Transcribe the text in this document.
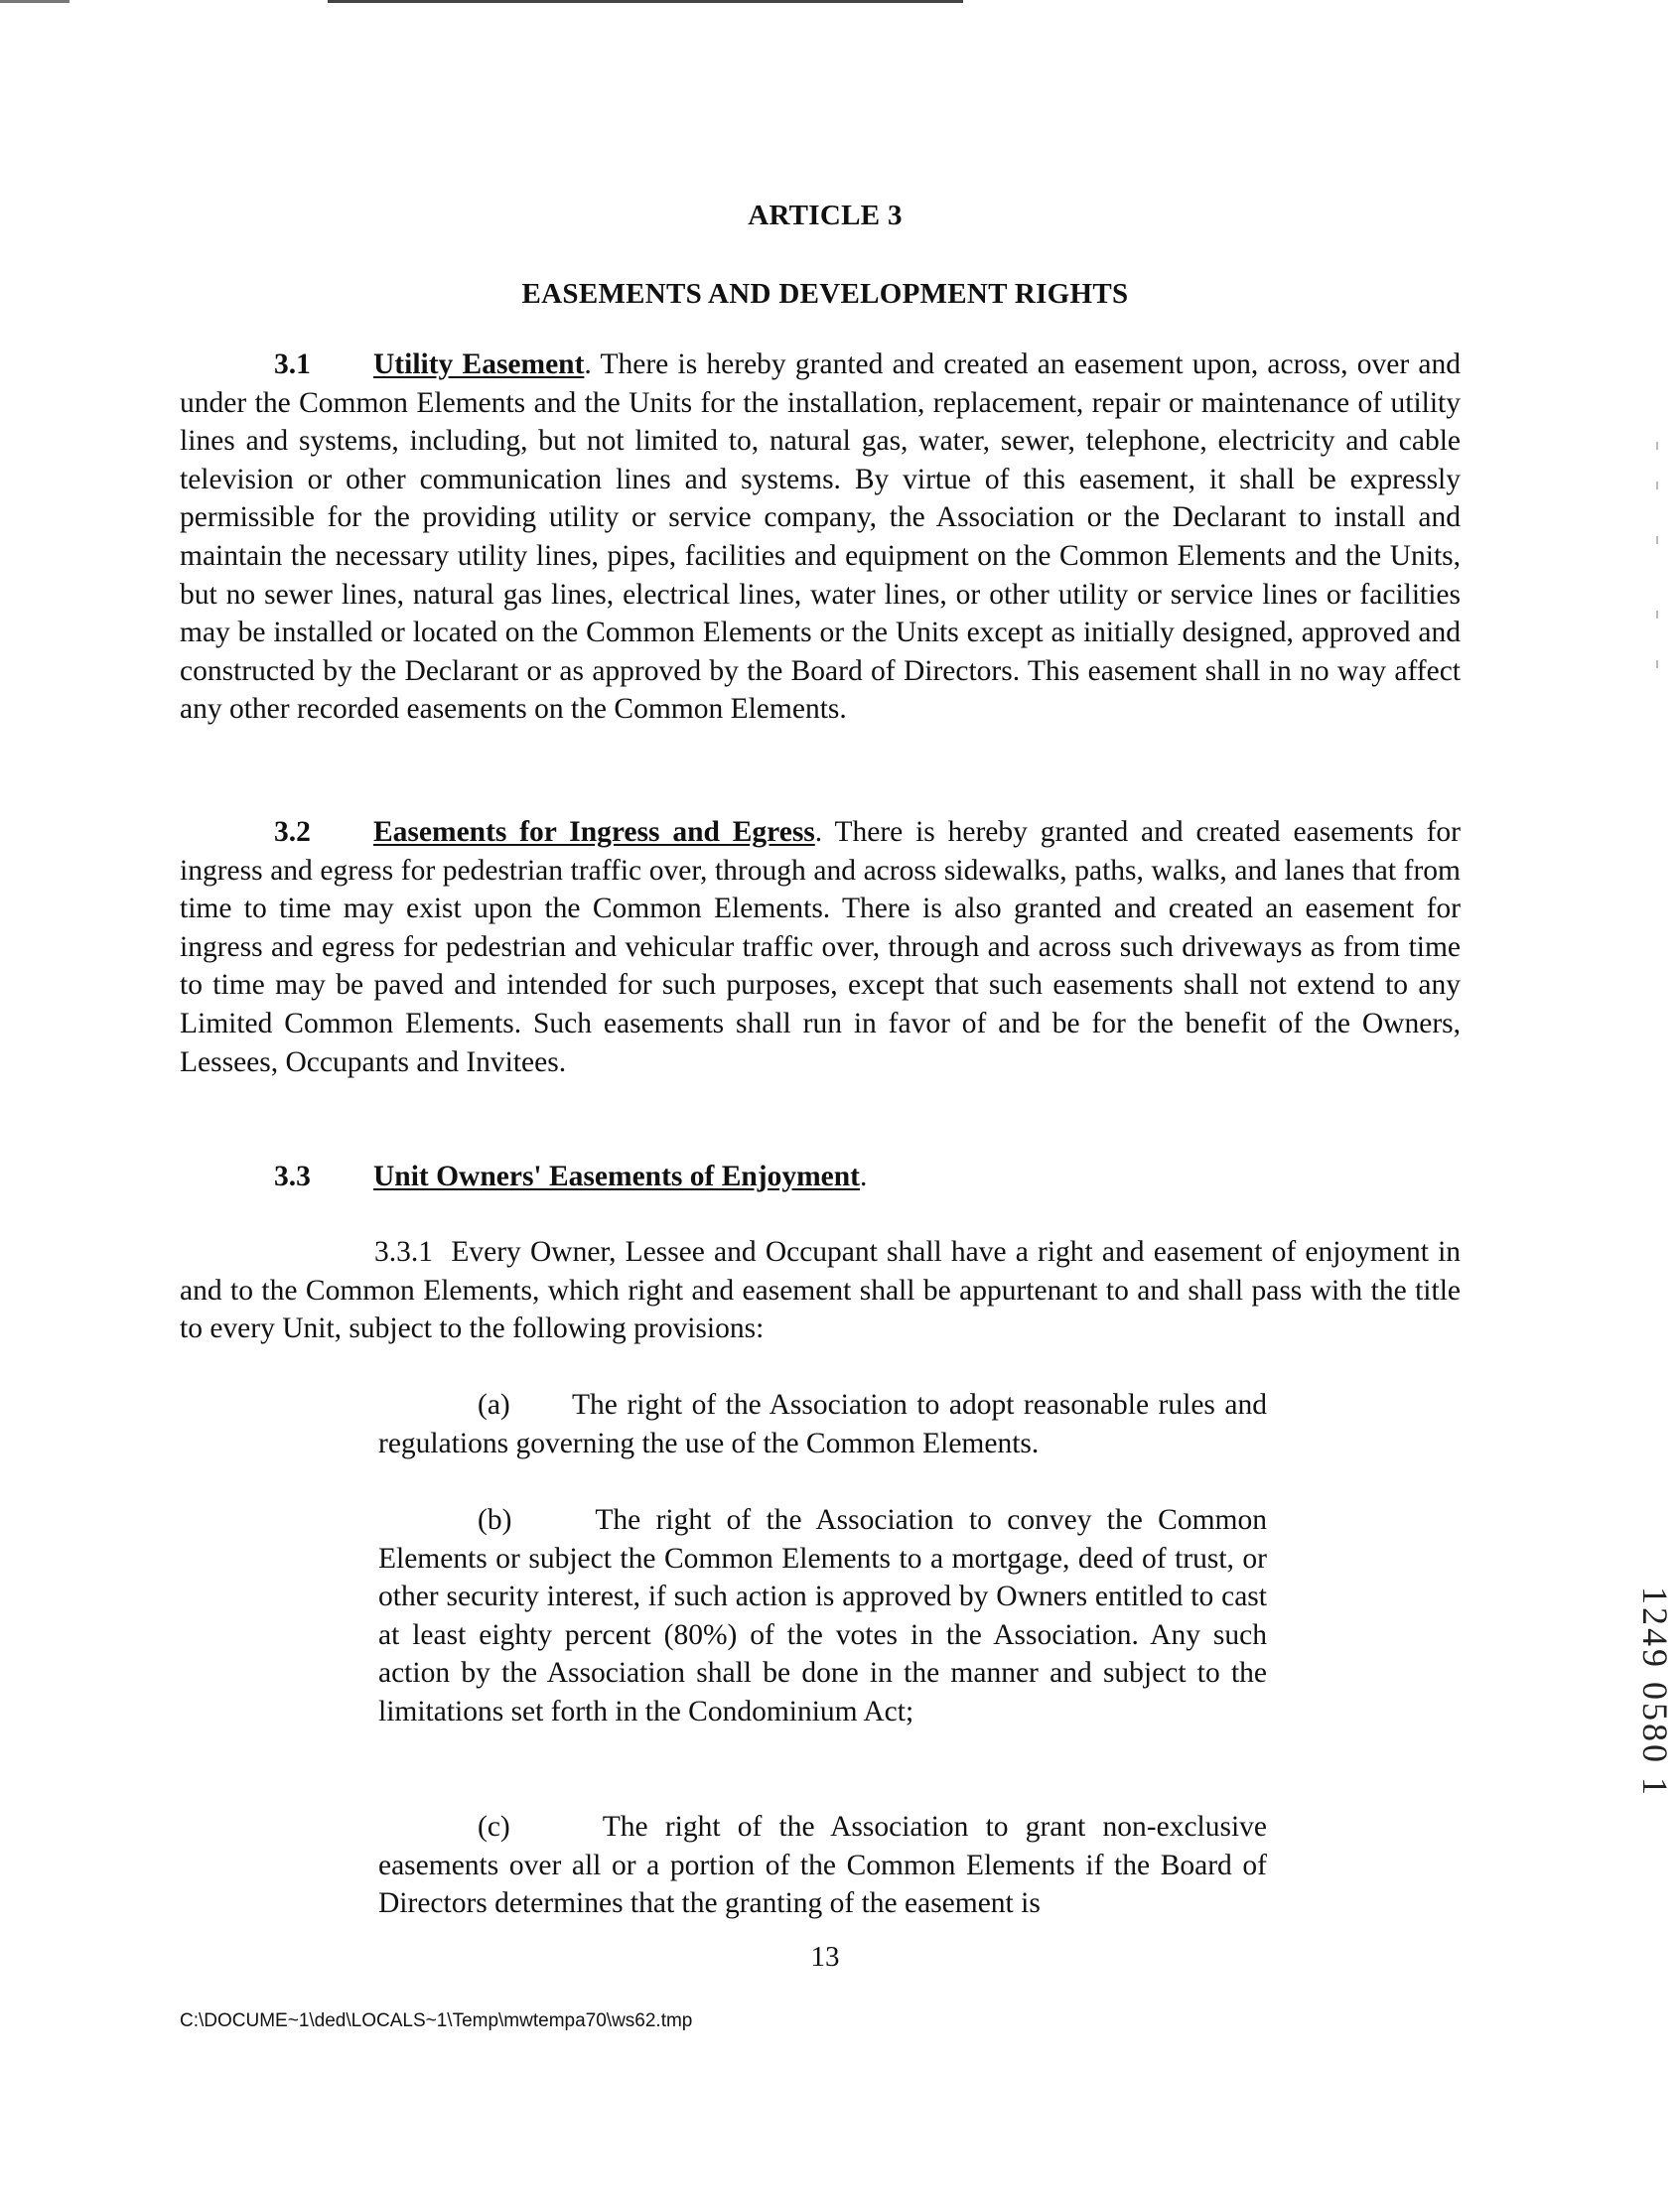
ARTICLE 3
EASEMENTS AND DEVELOPMENT RIGHTS
3.1 Utility Easement. There is hereby granted and created an easement upon, across, over and under the Common Elements and the Units for the installation, replacement, repair or maintenance of utility lines and systems, including, but not limited to, natural gas, water, sewer, telephone, electricity and cable television or other communication lines and systems. By virtue of this easement, it shall be expressly permissible for the providing utility or service company, the Association or the Declarant to install and maintain the necessary utility lines, pipes, facilities and equipment on the Common Elements and the Units, but no sewer lines, natural gas lines, electrical lines, water lines, or other utility or service lines or facilities may be installed or located on the Common Elements or the Units except as initially designed, approved and constructed by the Declarant or as approved by the Board of Directors. This easement shall in no way affect any other recorded easements on the Common Elements.
3.2 Easements for Ingress and Egress. There is hereby granted and created easements for ingress and egress for pedestrian traffic over, through and across sidewalks, paths, walks, and lanes that from time to time may exist upon the Common Elements. There is also granted and created an easement for ingress and egress for pedestrian and vehicular traffic over, through and across such driveways as from time to time may be paved and intended for such purposes, except that such easements shall not extend to any Limited Common Elements. Such easements shall run in favor of and be for the benefit of the Owners, Lessees, Occupants and Invitees.
3.3 Unit Owners' Easements of Enjoyment.
3.3.1 Every Owner, Lessee and Occupant shall have a right and easement of enjoyment in and to the Common Elements, which right and easement shall be appurtenant to and shall pass with the title to every Unit, subject to the following provisions:
(a) The right of the Association to adopt reasonable rules and regulations governing the use of the Common Elements.
(b)	The right of the Association to convey the Common Elements or subject the Common Elements to a mortgage, deed of trust, or other security interest, if such action is approved by Owners entitled to cast at least eighty percent (80%) of the votes in the Association. Any such action by the Association shall be done in the manner and subject to the limitations set forth in the Condominium Act;
(c)	The right of the Association to grant non-exclusive easements over all or a portion of the Common Elements if the Board of Directors determines that the granting of the easement is
13
C:\DOCUME~1\ded\LOCALS~1\Temp\mwtempa70\ws62.tmp
1249 0580 1
